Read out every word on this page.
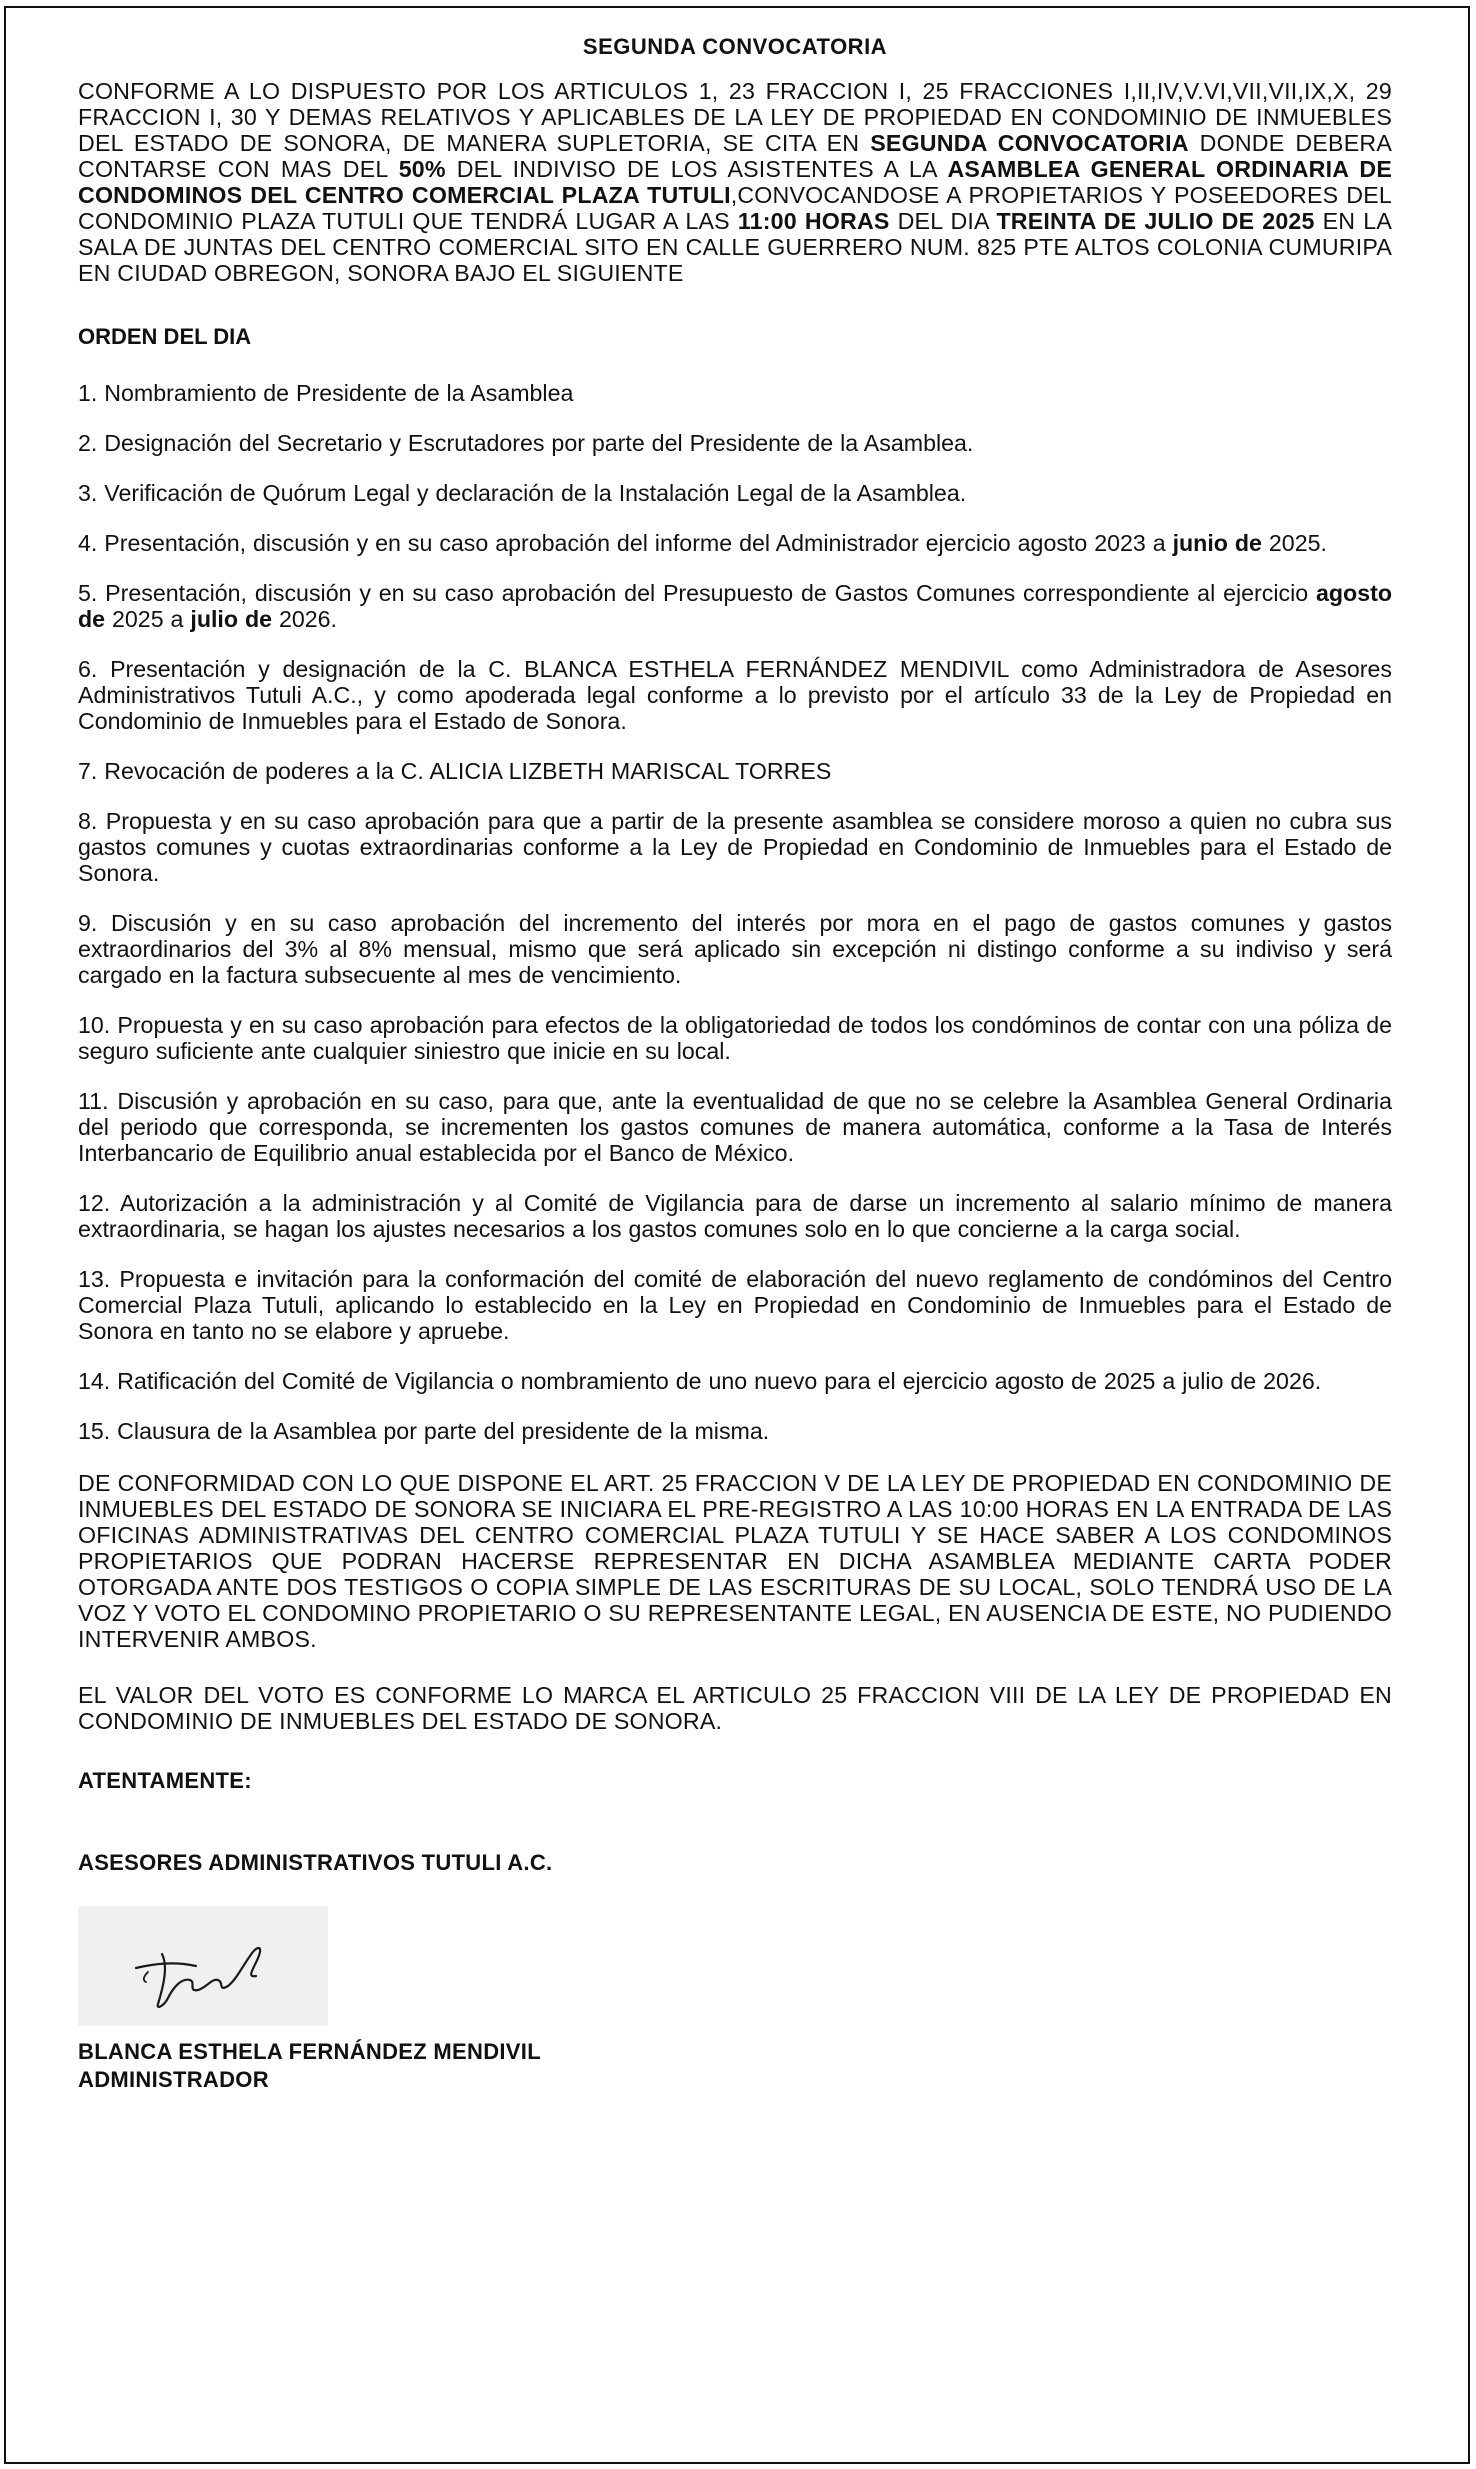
SEGUNDA CONVOCATORIA

CONFORME A LO DISPUESTO POR LOS ARTICULOS 1, 23 FRACCION I, 25 FRACCIONES I,II,IV,V.VI,VII,VII,IX,X, 29 FRACCION I, 30 Y DEMAS RELATIVOS Y APLICABLES DE LA LEY DE PROPIEDAD EN CONDOMINIO DE INMUEBLES DEL ESTADO DE SONORA, DE MANERA SUPLETORIA, SE CITA EN SEGUNDA CONVOCATORIA DONDE DEBERA CONTARSE CON MAS DEL 50% DEL INDIVISO DE LOS ASISTENTES A LA ASAMBLEA GENERAL ORDINARIA DE CONDOMINOS DEL CENTRO COMERCIAL PLAZA TUTULI,CONVOCANDOSE A PROPIETARIOS Y POSEEDORES DEL CONDOMINIO PLAZA TUTULI QUE TENDRÁ LUGAR A LAS 11:00 HORAS DEL DIA TREINTA DE JULIO DE 2025 EN LA SALA DE JUNTAS DEL CENTRO COMERCIAL SITO EN CALLE GUERRERO NUM. 825 PTE ALTOS COLONIA CUMURIPA EN CIUDAD OBREGON, SONORA BAJO EL SIGUIENTE

ORDEN DEL DIA

1. Nombramiento de Presidente de la Asamblea

2. Designación del Secretario y Escrutadores por parte del Presidente de la Asamblea.

3. Verificación de Quórum Legal y declaración de la Instalación Legal de la Asamblea.

4. Presentación, discusión y en su caso aprobación del informe del Administrador ejercicio agosto 2023 a junio de 2025.

5. Presentación, discusión y en su caso aprobación del Presupuesto de Gastos Comunes correspondiente al ejercicio agosto de 2025 a julio de 2026.

6. Presentación y designación de la C. BLANCA ESTHELA FERNÁNDEZ MENDIVIL como Administradora de Asesores Administrativos Tutuli A.C., y como apoderada legal conforme a lo previsto por el artículo 33 de la Ley de Propiedad en Condominio de Inmuebles para el Estado de Sonora.

7. Revocación de poderes a la C. ALICIA LIZBETH MARISCAL TORRES

8. Propuesta y en su caso aprobación para que a partir de la presente asamblea se considere moroso a quien no cubra sus gastos comunes y cuotas extraordinarias conforme a la Ley de Propiedad en Condominio de Inmuebles para el Estado de Sonora.

9. Discusión y en su caso aprobación del incremento del interés por mora en el pago de gastos comunes y gastos extraordinarios del 3% al 8% mensual, mismo que será aplicado sin excepción ni distingo conforme a su indiviso y será cargado en la factura subsecuente al mes de vencimiento.

10. Propuesta y en su caso aprobación para efectos de la obligatoriedad de todos los condóminos de contar con una póliza de seguro suficiente ante cualquier siniestro que inicie en su local.

11. Discusión y aprobación en su caso, para que, ante la eventualidad de que no se celebre la Asamblea General Ordinaria del periodo que corresponda, se incrementen los gastos comunes de manera automática, conforme a la Tasa de Interés Interbancario de Equilibrio anual establecida por el Banco de México.

12. Autorización a la administración y al Comité de Vigilancia para de darse un incremento al salario mínimo de manera extraordinaria, se hagan los ajustes necesarios a los gastos comunes solo en lo que concierne a la carga social.

13. Propuesta e invitación para la conformación del comité de elaboración del nuevo reglamento de condóminos del Centro Comercial Plaza Tutuli, aplicando lo establecido en la Ley en Propiedad en Condominio de Inmuebles para el Estado de Sonora en tanto no se elabore y apruebe.

14. Ratificación del Comité de Vigilancia o nombramiento de uno nuevo para el ejercicio agosto de 2025 a julio de 2026.

15. Clausura de la Asamblea por parte del presidente de la misma.

DE CONFORMIDAD CON LO QUE DISPONE EL ART. 25 FRACCION V DE LA LEY DE PROPIEDAD EN CONDOMINIO DE INMUEBLES DEL ESTADO DE SONORA SE INICIARA EL PRE-REGISTRO A LAS 10:00 HORAS EN LA ENTRADA DE LAS OFICINAS ADMINISTRATIVAS DEL CENTRO COMERCIAL PLAZA TUTULI Y SE HACE SABER A LOS CONDOMINOS PROPIETARIOS QUE PODRAN HACERSE REPRESENTAR EN DICHA ASAMBLEA MEDIANTE CARTA PODER OTORGADA ANTE DOS TESTIGOS O COPIA SIMPLE DE LAS ESCRITURAS DE SU LOCAL, SOLO TENDRÁ USO DE LA VOZ Y VOTO EL CONDOMINO PROPIETARIO O SU REPRESENTANTE LEGAL, EN AUSENCIA DE ESTE, NO PUDIENDO INTERVENIR AMBOS.

EL VALOR DEL VOTO ES CONFORME LO MARCA EL ARTICULO 25 FRACCION VIII DE LA LEY DE PROPIEDAD EN CONDOMINIO DE INMUEBLES DEL ESTADO DE SONORA.

ATENTAMENTE:

ASESORES ADMINISTRATIVOS TUTULI A.C.

BLANCA ESTHELA FERNÁNDEZ MENDIVIL
ADMINISTRADOR
